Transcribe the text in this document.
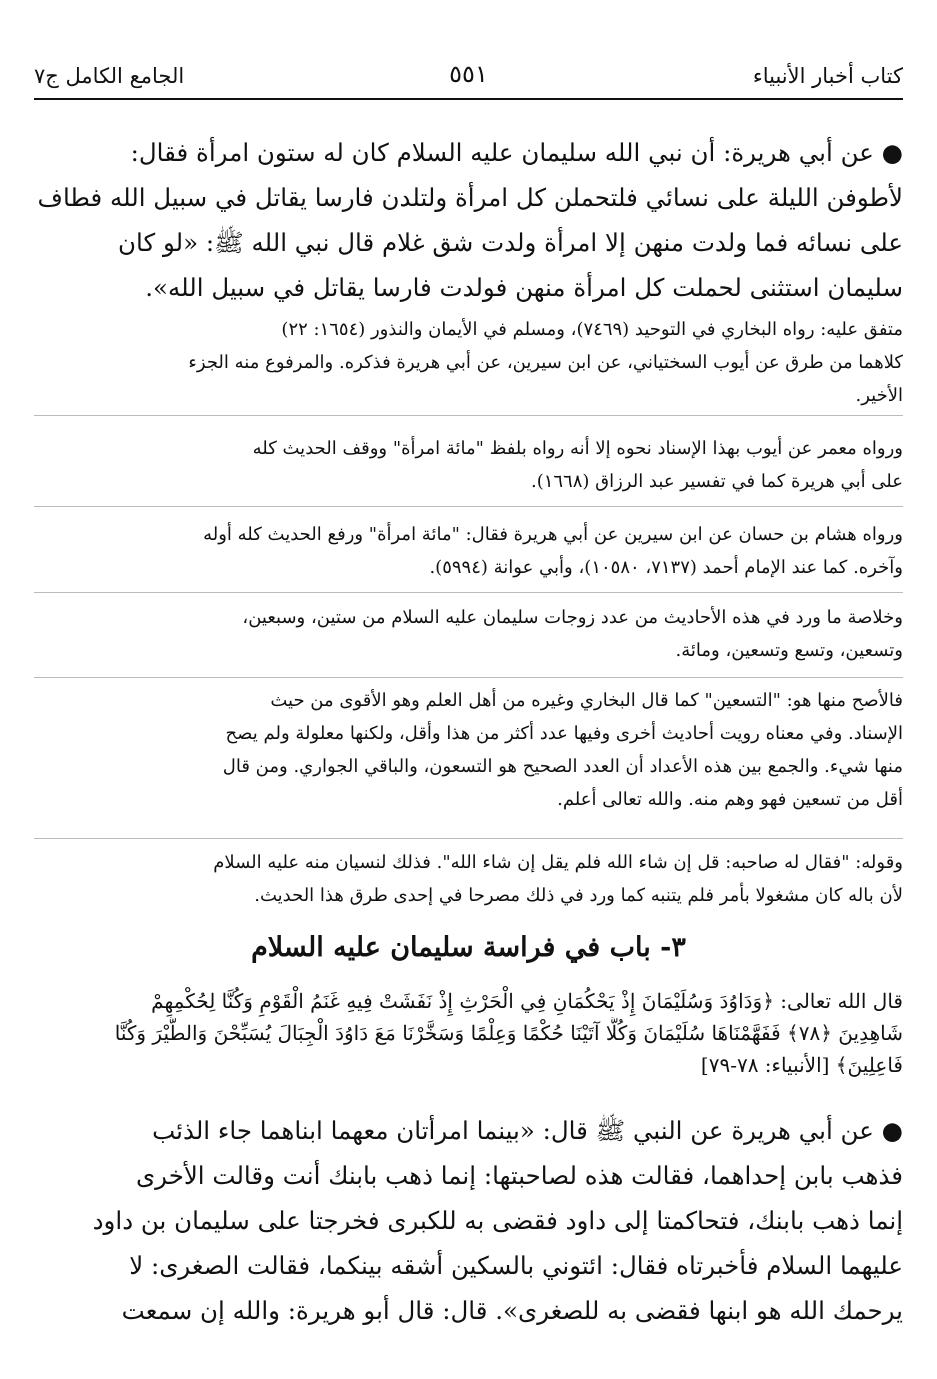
كتاب أخبار الأنبياء
٥٥١
الجامع الكامل ج٧
● عن أبي هريرة: أن نبي الله سليمان عليه السلام كان له ستون امرأة فقال:
لأطوفن الليلة على نسائي فلتحملن كل امرأة ولتلدن فارسا يقاتل في سبيل الله فطاف
على نسائه فما ولدت منهن إلا امرأة ولدت شق غلام قال نبي الله ﷺ: «لو كان
سليمان استثنى لحملت كل امرأة منهن فولدت فارسا يقاتل في سبيل الله».
متفق عليه: رواه البخاري في التوحيد (٧٤٦٩)، ومسلم في الأيمان والنذور (١٦٥٤: ٢٢)
كلاهما من طرق عن أيوب السختياني، عن ابن سيرين، عن أبي هريرة فذكره. والمرفوع منه الجزء
الأخير.
ورواه معمر عن أيوب بهذا الإسناد نحوه إلا أنه رواه بلفظ "مائة امرأة" ووقف الحديث كله
على أبي هريرة كما في تفسير عبد الرزاق (١٦٦٨).
ورواه هشام بن حسان عن ابن سيرين عن أبي هريرة فقال: "مائة امرأة" ورفع الحديث كله أوله
وآخره. كما عند الإمام أحمد (٧١٣٧، ١٠٥٨٠)، وأبي عوانة (٥٩٩٤).
وخلاصة ما ورد في هذه الأحاديث من عدد زوجات سليمان عليه السلام من ستين، وسبعين،
وتسعين، وتسع وتسعين، ومائة.
فالأصح منها هو: "التسعين" كما قال البخاري وغيره من أهل العلم وهو الأقوى من حيث
الإسناد. وفي معناه رويت أحاديث أخرى وفيها عدد أكثر من هذا وأقل، ولكنها معلولة ولم يصح
منها شيء. والجمع بين هذه الأعداد أن العدد الصحيح هو التسعون، والباقي الجواري. ومن قال
أقل من تسعين فهو وهم منه. والله تعالى أعلم.
وقوله: "فقال له صاحبه: قل إن شاء الله فلم يقل إن شاء الله". فذلك لنسيان منه عليه السلام
لأن باله كان مشغولا بأمر فلم يتنبه كما ورد في ذلك مصرحا في إحدى طرق هذا الحديث.
٣- باب في فراسة سليمان عليه السلام
قال الله تعالى: ﴿وَدَاوُدَ وَسُلَيْمَانَ إِذْ يَحْكُمَانِ فِي الْحَرْثِ إِذْ نَفَشَتْ فِيهِ غَنَمُ الْقَوْمِ وَكُنَّا لِحُكْمِهِمْ
شَاهِدِينَ ﴿٧٨﴾ فَفَهَّمْنَاهَا سُلَيْمَانَ وَكُلًّا آتَيْنَا حُكْمًا وَعِلْمًا وَسَخَّرْنَا مَعَ دَاوُدَ الْجِبَالَ يُسَبِّحْنَ وَالطَّيْرَ وَكُنَّا
فَاعِلِينَ﴾ [الأنبياء: ٧٨-٧٩]
● عن أبي هريرة عن النبي ﷺ قال: «بينما امرأتان معهما ابناهما جاء الذئب
فذهب بابن إحداهما، فقالت هذه لصاحبتها: إنما ذهب بابنك أنت وقالت الأخرى
إنما ذهب بابنك، فتحاكمتا إلى داود فقضى به للكبرى فخرجتا على سليمان بن داود
عليهما السلام فأخبرتاه فقال: ائتوني بالسكين أشقه بينكما، فقالت الصغرى: لا
يرحمك الله هو ابنها فقضى به للصغرى». قال: قال أبو هريرة: والله إن سمعت
